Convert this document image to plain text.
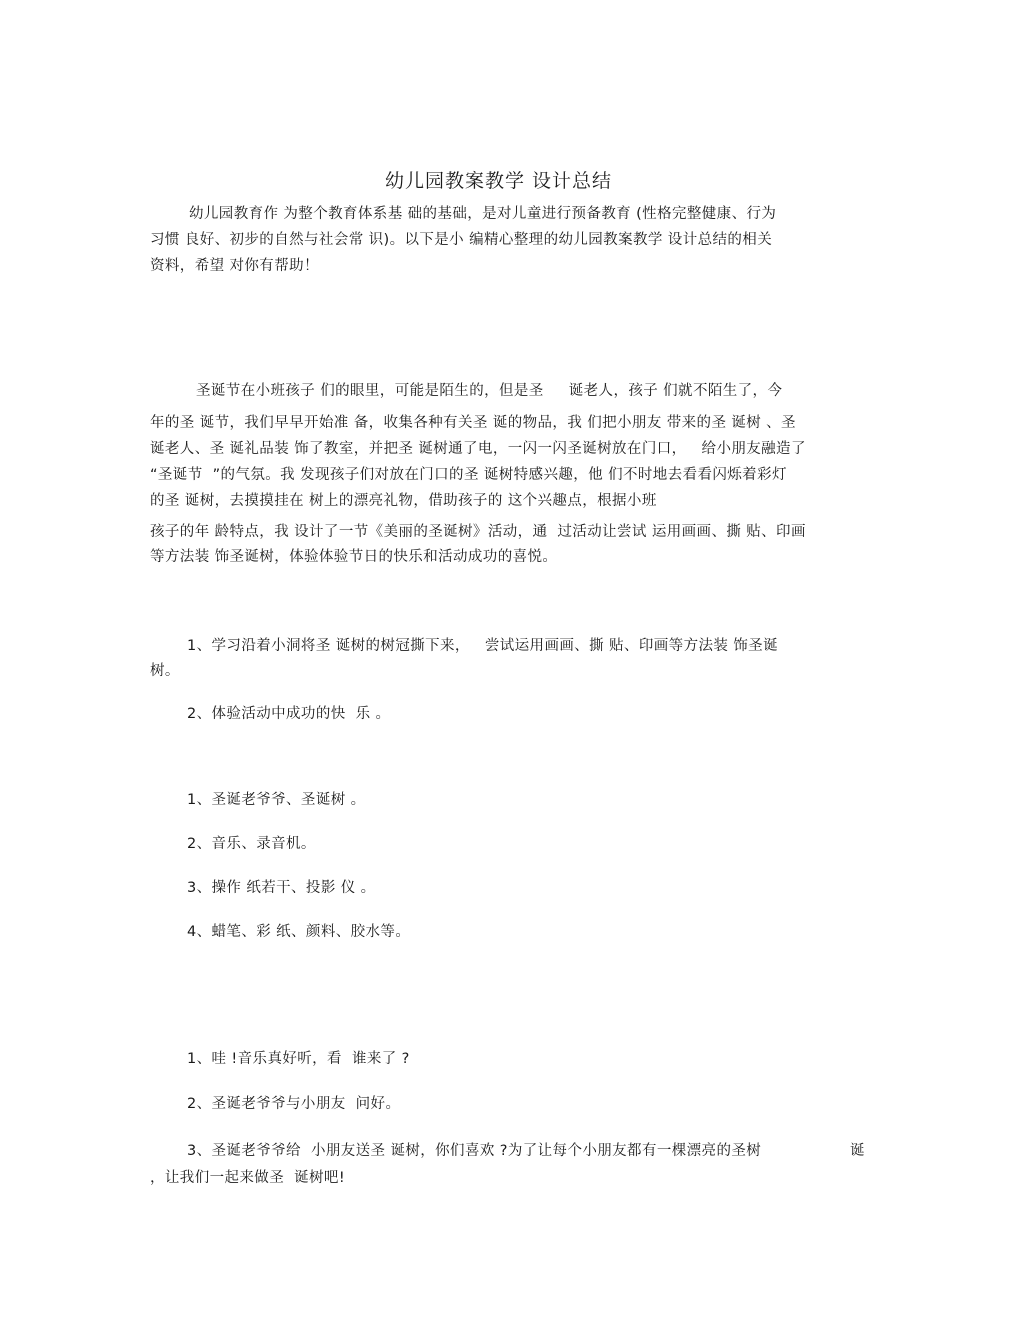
幼儿园教案教学 设计总结
幼儿园教育作 为整个教育体系基 础的基础，是对儿童进行预备教育 (性格完整健康、行为
习惯 良好、初步的自然与社会常 识)。以下是小 编精心整理的幼儿园教案教学 设计总结的相关
资料，希望 对你有帮助！
圣诞节在小班孩子 们的眼里，可能是陌生的，但是圣     诞老人，孩子 们就不陌生了，今
年的圣 诞节，我们早早开始准 备，收集各种有关圣 诞的物品，我 们把小朋友 带来的圣 诞树 、圣
诞老人、圣 诞礼品装 饰了教室，并把圣 诞树通了电，一闪一闪圣诞树放在门口，   给小朋友融造了
“圣诞节  ”的气氛。我 发现孩子们对放在门口的圣 诞树特感兴趣，他 们不时地去看看闪烁着彩灯
的圣 诞树，去摸摸挂在 树上的漂亮礼物，借助孩子的 这个兴趣点，根据小班
孩子的年 龄特点，我 设计了一节《美丽的圣诞树》活动，通  过活动让尝试 运用画画、撕 贴、印画
等方法装 饰圣诞树，体验体验节日的快乐和活动成功的喜悦。
1、学习沿着小洞将圣 诞树的树冠撕下来，   尝试运用画画、撕 贴、印画等方法装 饰圣诞
树。
2、体验活动中成功的快  乐 。
1、圣诞老爷爷、圣诞树 。
2、音乐、录音机。
3、操作 纸若干、投影 仪 。
4、蜡笔、彩 纸、颜料、胶水等。
1、哇 !音乐真好听，看  谁来了 ?
2、圣诞老爷爷与小朋友  问好。
3、圣诞老爷爷给  小朋友送圣 诞树，你们喜欢 ?为了让每个小朋友都有一棵漂亮的圣树	诞
，让我们一起来做圣  诞树吧!
